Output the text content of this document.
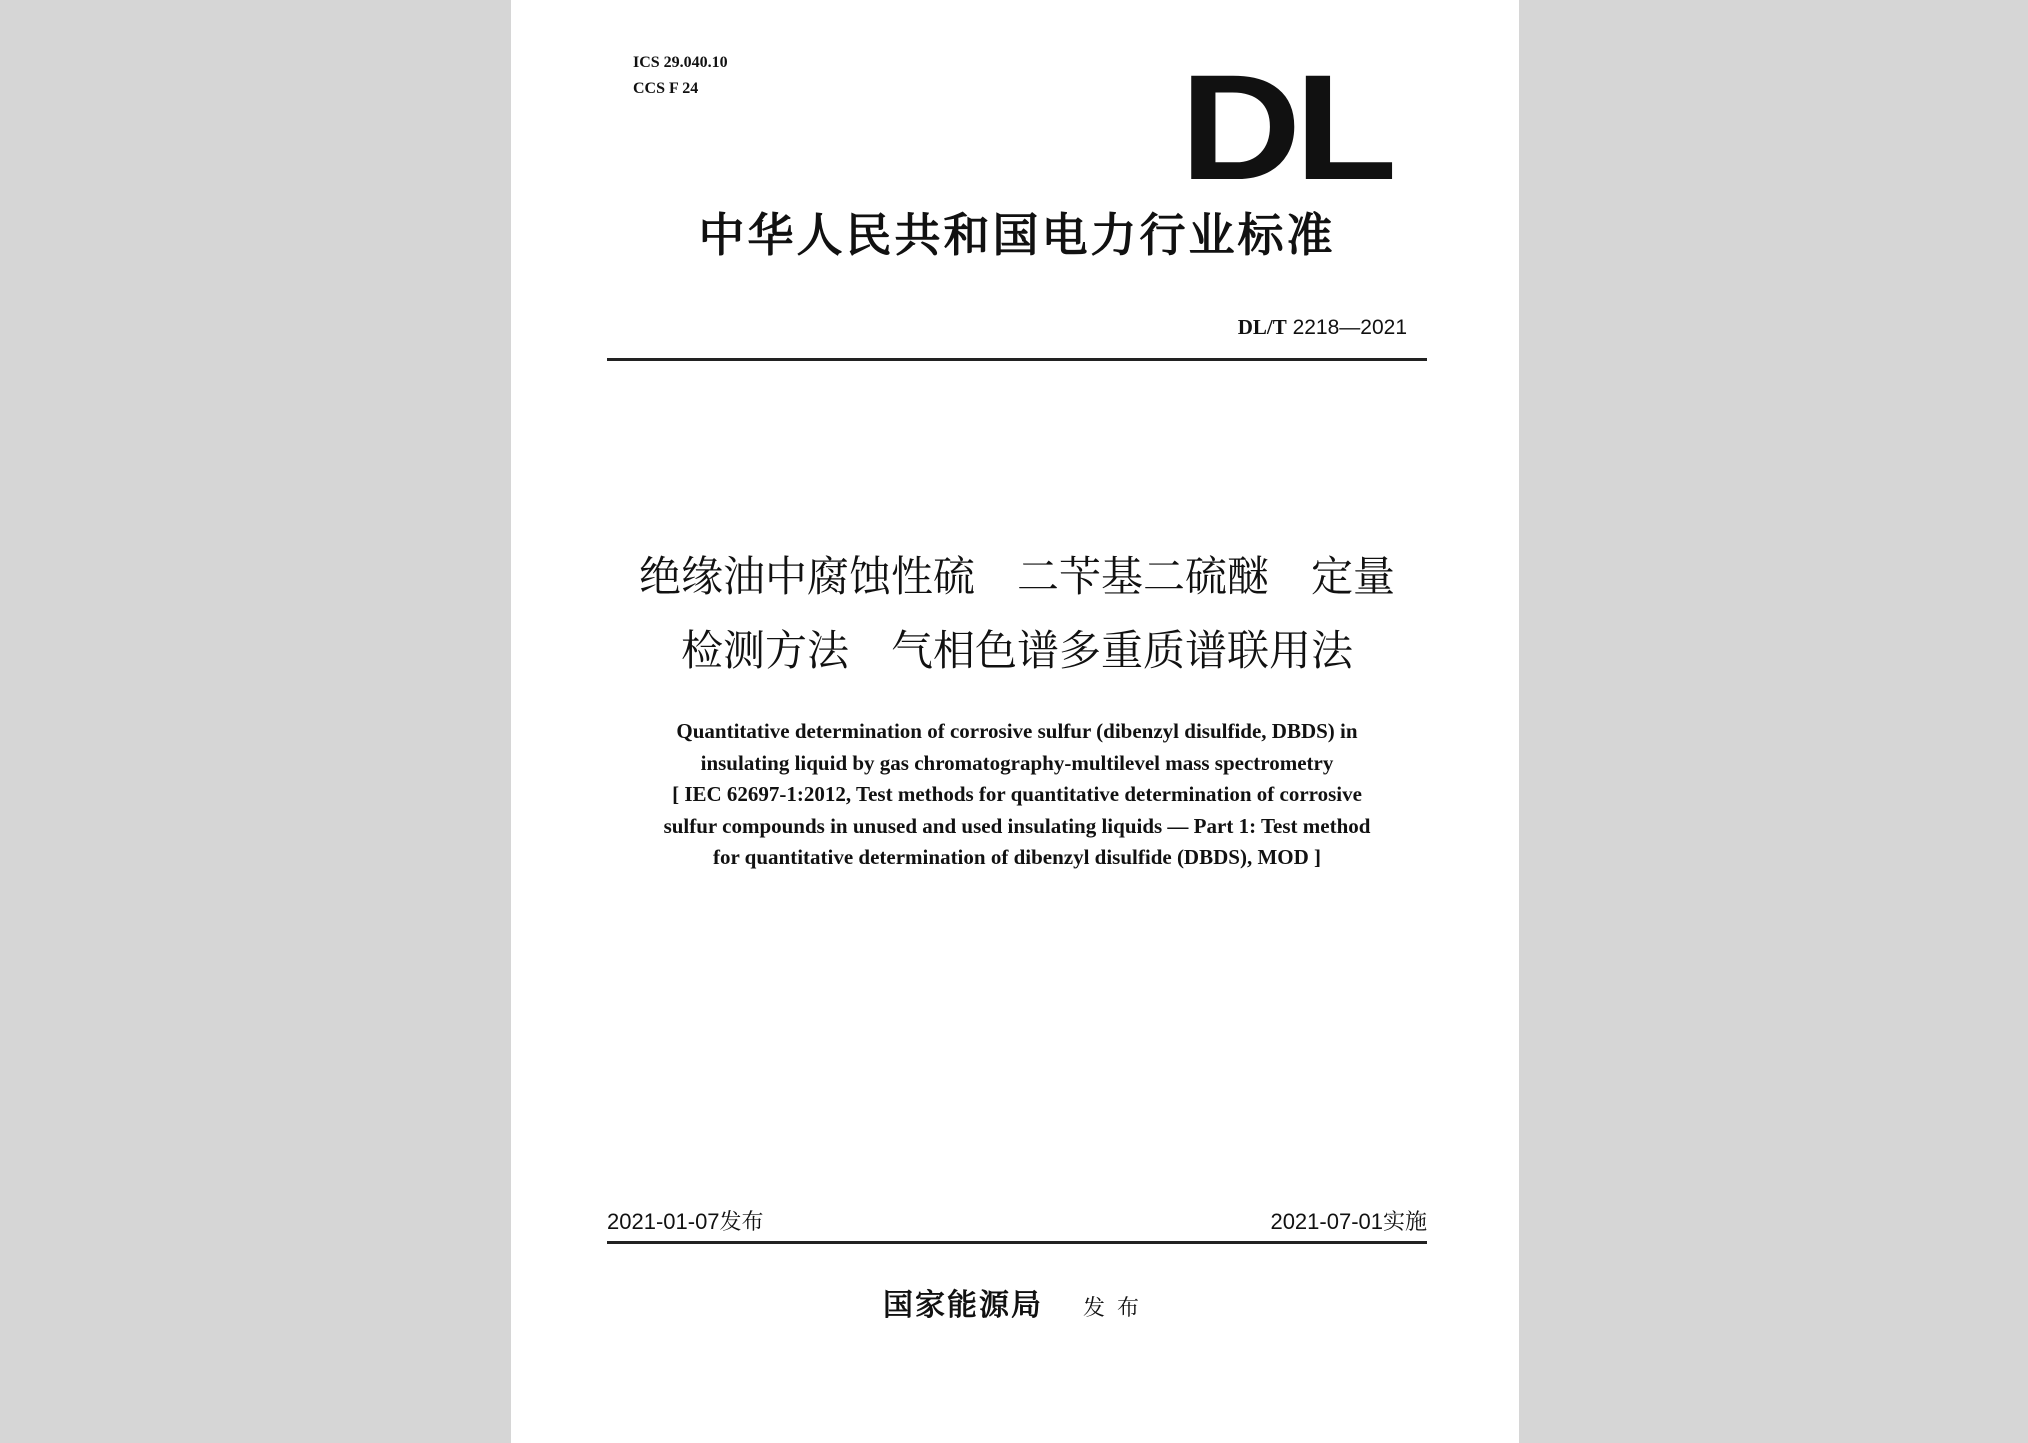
ICS 29.040.10
CCS F 24	DL
中华人民共和国电力行业标准
DL/T 2218—2021
绝缘油中腐蚀性硫　二苄基二硫醚　定量
检测方法　气相色谱多重质谱联用法
Quantitative determination of corrosive sulfur (dibenzyl disulfide, DBDS) in
insulating liquid by gas chromatography-multilevel mass spectrometry
[ IEC 62697-1:2012, Test methods for quantitative determination of corrosive
sulfur compounds in unused and used insulating liquids — Part 1: Test method
for quantitative determination of dibenzyl disulfide (DBDS), MOD ]
2021-01-07发布	2021-07-01实施
国家能源局 发布
